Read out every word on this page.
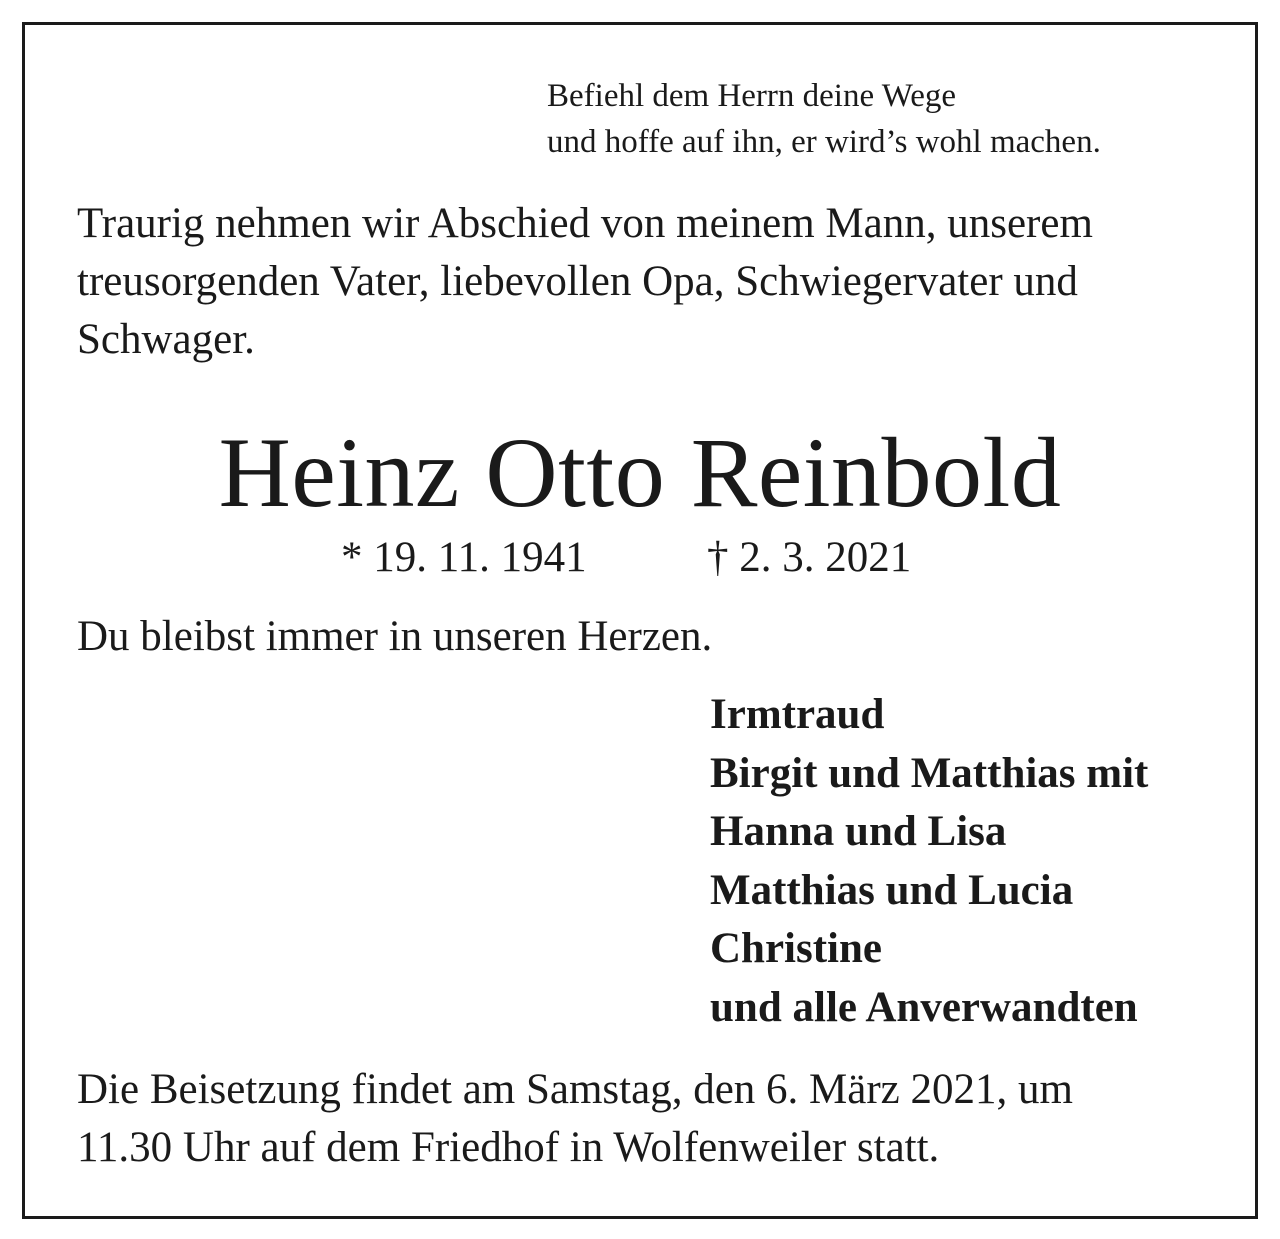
Befiehl dem Herrn deine Wege
und hoffe auf ihn, er wird’s wohl machen.

Traurig nehmen wir Abschied von meinem Mann, unserem
treusorgenden Vater, liebevollen Opa, Schwiegervater und
Schwager.

Heinz Otto Reinbold
* 19. 11. 1941	† 2. 3. 2021

Du bleibst immer in unseren Herzen.

Irmtraud
Birgit und Matthias mit
Hanna und Lisa
Matthias und Lucia
Christine
und alle Anverwandten

Die Beisetzung findet am Samstag, den 6. März 2021, um
11.30 Uhr auf dem Friedhof in Wolfenweiler statt.
